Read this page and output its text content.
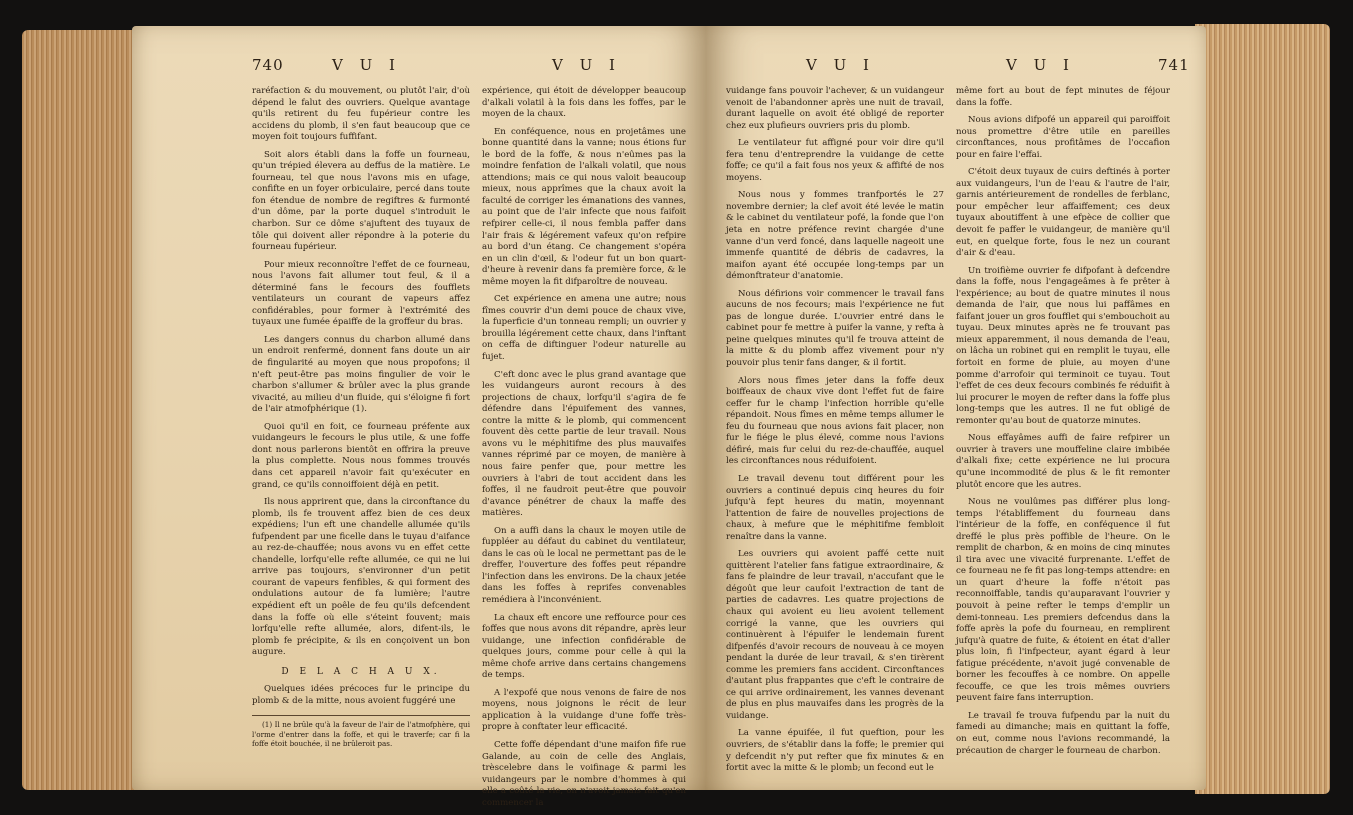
740	V U I	V U I

raréfaction & du mouvement, ou plutôt l'air, d'où dépend le falut des ouvriers. Quelque avantage qu'ils retirent du feu fupérieur contre les accidens du plomb, il s'en faut beaucoup que ce moyen foit toujours fuffifant.

Soit alors établi dans la foffe un fourneau, qu'un trépied élevera au deffus de la matière. Le fourneau, tel que nous l'avons mis en ufage, confifte en un foyer orbiculaire, percé dans toute fon étendue de nombre de regiftres & furmonté d'un dôme, par la porte duquel s'introduit le charbon. Sur ce dôme s'ajuftent des tuyaux de tôle qui doivent aller répondre à la poterie du fourneau fupérieur.

Pour mieux reconnoître l'effet de ce fourneau, nous l'avons fait allumer tout feul, & il a déterminé fans le fecours des foufflets ventilateurs un courant de vapeurs affez confidérables, pour former à l'extrémité des tuyaux une fumée épaiffe de la groffeur du bras.

Les dangers connus du charbon allumé dans un endroit renfermé, donnent fans doute un air de fingularité au moyen que nous propofons; il n'eft peut-être pas moins fingulier de voir le charbon s'allumer & brûler avec la plus grande vivacité, au milieu d'un fluide, qui s'éloigne fi fort de l'air atmofphérique (1).

Quoi qu'il en foit, ce fourneau préfente aux vuidangeurs le fecours le plus utile, & une foffe dont nous parlerons bientôt en offrira la preuve la plus complette. Nous nous fommes trouvés dans cet appareil n'avoir fait qu'exécuter en grand, ce qu'ils connoiffoient déjà en petit.

Ils nous apprirent que, dans la circonftance du plomb, ils fe trouvent affez bien de ces deux expédiens; l'un eft une chandelle allumée qu'ils fufpendent par une ficelle dans le tuyau d'aifance au rez-de-chauffée; nous avons vu en effet cette chandelle, lorfqu'elle refte allumée, ce qui ne lui arrive pas toujours, s'environner d'un petit courant de vapeurs fenfibles, & qui forment des ondulations autour de fa lumière; l'autre expédient eft un poêle de feu qu'ils defcendent dans la foffe où elle s'éteint fouvent; mais lorfqu'elle refte allumée, alors, difent-ils, le plomb fe précipite, & ils en conçoivent un bon augure.

D E L A C H A U X.

Quelques idées précoces fur le principe du plomb & de la mitte, nous avoient fuggéré une

(1) Il ne brûle qu'à la faveur de l'air de l'atmofphère, qui l'orme d'entrer dans la foffe, et qui le traverfe; car fi la foffe étoit bouchée, il ne brûleroit pas.

expérience, qui étoit de développer beaucoup d'alkali volatil à la fois dans les foffes, par le moyen de la chaux.

En conféquence, nous en projetâmes une bonne quantité dans la vanne; nous étions fur le bord de la foffe, & nous n'eûmes pas la moindre fenfation de l'alkali volatil, que nous attendions; mais ce qui nous valoit beaucoup mieux, nous apprîmes que la chaux avoit la faculté de corriger les émanations des vannes, au point que de l'air infecte que nous faifoit refpirer celle-ci, il nous fembla paffer dans l'air frais & légérement vafeux qu'on refpire au bord d'un étang. Ce changement s'opéra en un clin d'œil, & l'odeur fut un bon quart-d'heure à revenir dans fa première force, & le même moyen la fit difparoître de nouveau.

Cet expérience en amena une autre; nous fîmes couvrir d'un demi pouce de chaux vive, la fuperficie d'un tonneau rempli; un ouvrier y brouilla légérement cette chaux, dans l'inftant on ceffa de diftinguer l'odeur naturelle au fujet.

C'eft donc avec le plus grand avantage que les vuidangeurs auront recours à des projections de chaux, lorfqu'il s'agira de fe défendre dans l'épuifement des vannes, contre la mitte & le plomb, qui commencent fouvent dès cette partie de leur travail. Nous avons vu le méphitifme des plus mauvaifes vannes réprimé par ce moyen, de manière à nous faire penfer que, pour mettre les ouvriers à l'abri de tout accident dans les foffes, il ne faudroit peut-être que pouvoir d'avance pénétrer de chaux la maffe des matières.

On a auffi dans la chaux le moyen utile de fuppléer au défaut du cabinet du ventilateur, dans le cas où le local ne permettant pas de le dreffer, l'ouverture des foffes peut répandre l'infection dans les environs. De la chaux jetée dans les foffes à reprifes convenables remédiera à l'inconvénient.

La chaux eft encore une reffource pour ces foffes que nous avons dit répandre, après leur vuidange, une infection confidérable de quelques jours, comme pour celle à qui la même chofe arrive dans certains changemens de temps.

A l'expofé que nous venons de faire de nos moyens, nous joignons le récit de leur application à la vuidange d'une foffe très-propre à conftater leur efficacité.

Cette foffe dépendant d'une maifon fife rue Galande, au coin de celle des Anglais, trèscelebre dans le voifinage & parmi les vuidangeurs par le nombre d'hommes à qui elle a coûté la vie, on n'avoit jamais fait qu'en commencer la

V U I	V U I	741

vuidange fans pouvoir l'achever, & un vuidangeur venoit de l'abandonner après une nuit de travail, durant laquelle on avoit été obligé de reporter chez eux plufieurs ouvriers pris du plomb.

Le ventilateur fut affigné pour voir dire qu'il fera tenu d'entreprendre la vuidange de cette foffe; ce qu'il a fait fous nos yeux & affifté de nos moyens.

Nous nous y fommes tranfportés le 27 novembre dernier; la clef avoit été levée le matin & le cabinet du ventilateur pofé, la fonde que l'on jeta en notre préfence revint chargée d'une vanne d'un verd foncé, dans laquelle nageoit une immenfe quantité de débris de cadavres, la maifon ayant été occupée long-temps par un démonftrateur d'anatomie.

Nous défirions voir commencer le travail fans aucuns de nos fecours; mais l'expérience ne fut pas de longue durée. L'ouvrier entré dans le cabinet pour fe mettre à puifer la vanne, y refta à peine quelques minutes qu'il fe trouva atteint de la mitte & du plomb affez vivement pour n'y pouvoir plus tenir fans danger, & il fortit.

Alors nous fîmes jeter dans la foffe deux boiffeaux de chaux vive dont l'effet fut de faire ceffer fur le champ l'infection horrible qu'elle répandoit. Nous fîmes en même temps allumer le feu du fourneau que nous avions fait placer, non fur le fiége le plus élevé, comme nous l'avions défiré, mais fur celui du rez-de-chauffée, auquel les circonftances nous réduifoient.

Le travail devenu tout différent pour les ouvriers a continué depuis cinq heures du foir jufqu'à fept heures du matin, moyennant l'attention de faire de nouvelles projections de chaux, à mefure que le méphitifme fembloit renaître dans la vanne.

Les ouvriers qui avoient paffé cette nuit quittèrent l'atelier fans fatigue extraordinaire, & fans fe plaindre de leur travail, n'accufant que le dégoût que leur caufoit l'extraction de tant de parties de cadavres. Les quatre projections de chaux qui avoient eu lieu avoient tellement corrigé la vanne, que les ouvriers qui continuèrent à l'épuifer le lendemain furent difpenfés d'avoir recours de nouveau à ce moyen pendant la durée de leur travail, & s'en tirèrent comme les premiers fans accident. Circonftances d'autant plus frappantes que c'eft le contraire de ce qui arrive ordinairement, les vannes devenant de plus en plus mauvaifes dans les progrès de la vuidange.

La vanne épuifée, il fut queftion, pour les ouvriers, de s'établir dans la foffe; le premier qui y defcendit n'y put refter que fix minutes & en fortit avec la mitte & le plomb; un fecond eut le

même fort au bout de fept minutes de féjour dans la foffe.

Nous avions difpofé un appareil qui paroiffoit nous promettre d'être utile en pareilles circonftances, nous profitâmes de l'occafion pour en faire l'effai.

C'étoit deux tuyaux de cuirs deftinés à porter aux vuidangeurs, l'un de l'eau & l'autre de l'air, garnis antérieurement de rondelles de ferblanc, pour empêcher leur affaiffement; ces deux tuyaux aboutiffent à une efpèce de collier que devoit fe paffer le vuidangeur, de manière qu'il eut, en quelque forte, fous le nez un courant d'air & d'eau.

Un troifième ouvrier fe difpofant à defcendre dans la foffe, nous l'engageâmes à fe prêter à l'expérience; au bout de quatre minutes il nous demanda de l'air, que nous lui paffâmes en faifant jouer un gros foufflet qui s'embouchoit au tuyau. Deux minutes après ne fe trouvant pas mieux apparemment, il nous demanda de l'eau, on lâcha un robinet qui en remplit le tuyau, elle fortoit en forme de pluie, au moyen d'une pomme d'arrofoir qui terminoit ce tuyau. Tout l'effet de ces deux fecours combinés fe réduifit à lui procurer le moyen de refter dans la foffe plus long-temps que les autres. Il ne fut obligé de remonter qu'au bout de quatorze minutes.

Nous effayâmes auffi de faire refpirer un ouvrier à travers une mouffeline claire imbibée d'alkali fixe; cette expérience ne lui procura qu'une incommodité de plus & le fit remonter plutôt encore que les autres.

Nous ne voulûmes pas différer plus long-temps l'établiffement du fourneau dans l'intérieur de la foffe, en conféquence il fut dreffé le plus près poffible de l'heure. On le remplit de charbon, & en moins de cinq minutes il tira avec une vivacité furprenante. L'effet de ce fourneau ne fe fit pas long-temps attendre: en un quart d'heure la foffe n'étoit pas reconnoiffable, tandis qu'auparavant l'ouvrier y pouvoit à peine refter le temps d'emplir un demi-tonneau. Les premiers defcendus dans la foffe après la pofe du fourneau, en remplirent jufqu'à quatre de fuite, & étoient en état d'aller plus loin, fi l'infpecteur, ayant égard à leur fatigue précédente, n'avoit jugé convenable de borner les fecouffes à ce nombre. On appelle fecouffe, ce que les trois mêmes ouvriers peuvent faire fans interruption.

Le travail fe trouva fufpendu par la nuit du famedi au dimanche; mais en quittant la foffe, on eut, comme nous l'avions recommandé, la précaution de charger le fourneau de charbon.
